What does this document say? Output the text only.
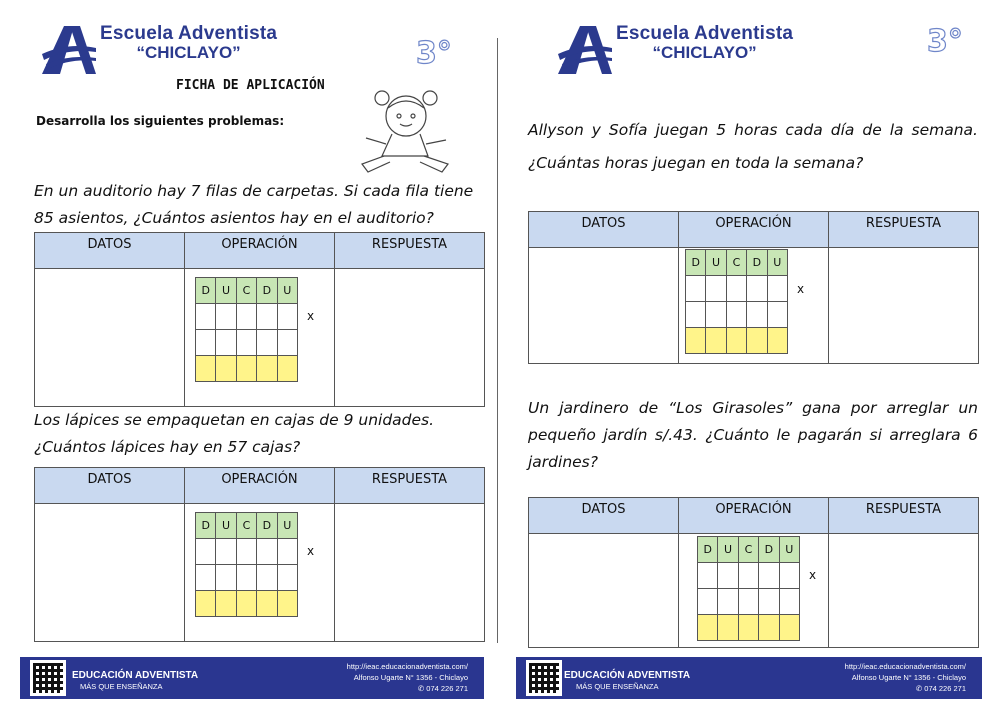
Escuela Adventista
“CHICLAYO”	3°
FICHA DE APLICACIÓN
Desarrolla los siguientes problemas:
En un auditorio hay 7 filas de carpetas. Si cada fila tiene 85 asientos, ¿Cuántos asientos hay en el auditorio?
DATOS	OPERACIÓN	RESPUESTA

D	U	C	D	U

x

Los lápices se empaquetan en cajas de 9 unidades. ¿Cuántos lápices hay en 57 cajas?
DATOS	OPERACIÓN	RESPUESTA

D	U	C	D	U

x

EDUCACIÓN ADVENTISTA
MÁS QUE ENSEÑANZA
http://ieac.educacionadventista.com/
Alfonso Ugarte N° 1356 - Chiclayo
✆ 074 226 271
Escuela Adventista
“CHICLAYO”	3°
Allyson y Sofía juegan 5 horas cada día de la semana. ¿Cuántas horas juegan en toda la semana?
DATOS	OPERACIÓN	RESPUESTA

D	U	C	D	U

x

Un jardinero de “Los Girasoles” gana por arreglar un pequeño jardín s/.43. ¿Cuánto le pagarán si arreglara 6 jardines?
DATOS	OPERACIÓN	RESPUESTA

D	U	C	D	U

x

EDUCACIÓN ADVENTISTA
MÁS QUE ENSEÑANZA
http://ieac.educacionadventista.com/
Alfonso Ugarte N° 1356 - Chiclayo
✆ 074 226 271
